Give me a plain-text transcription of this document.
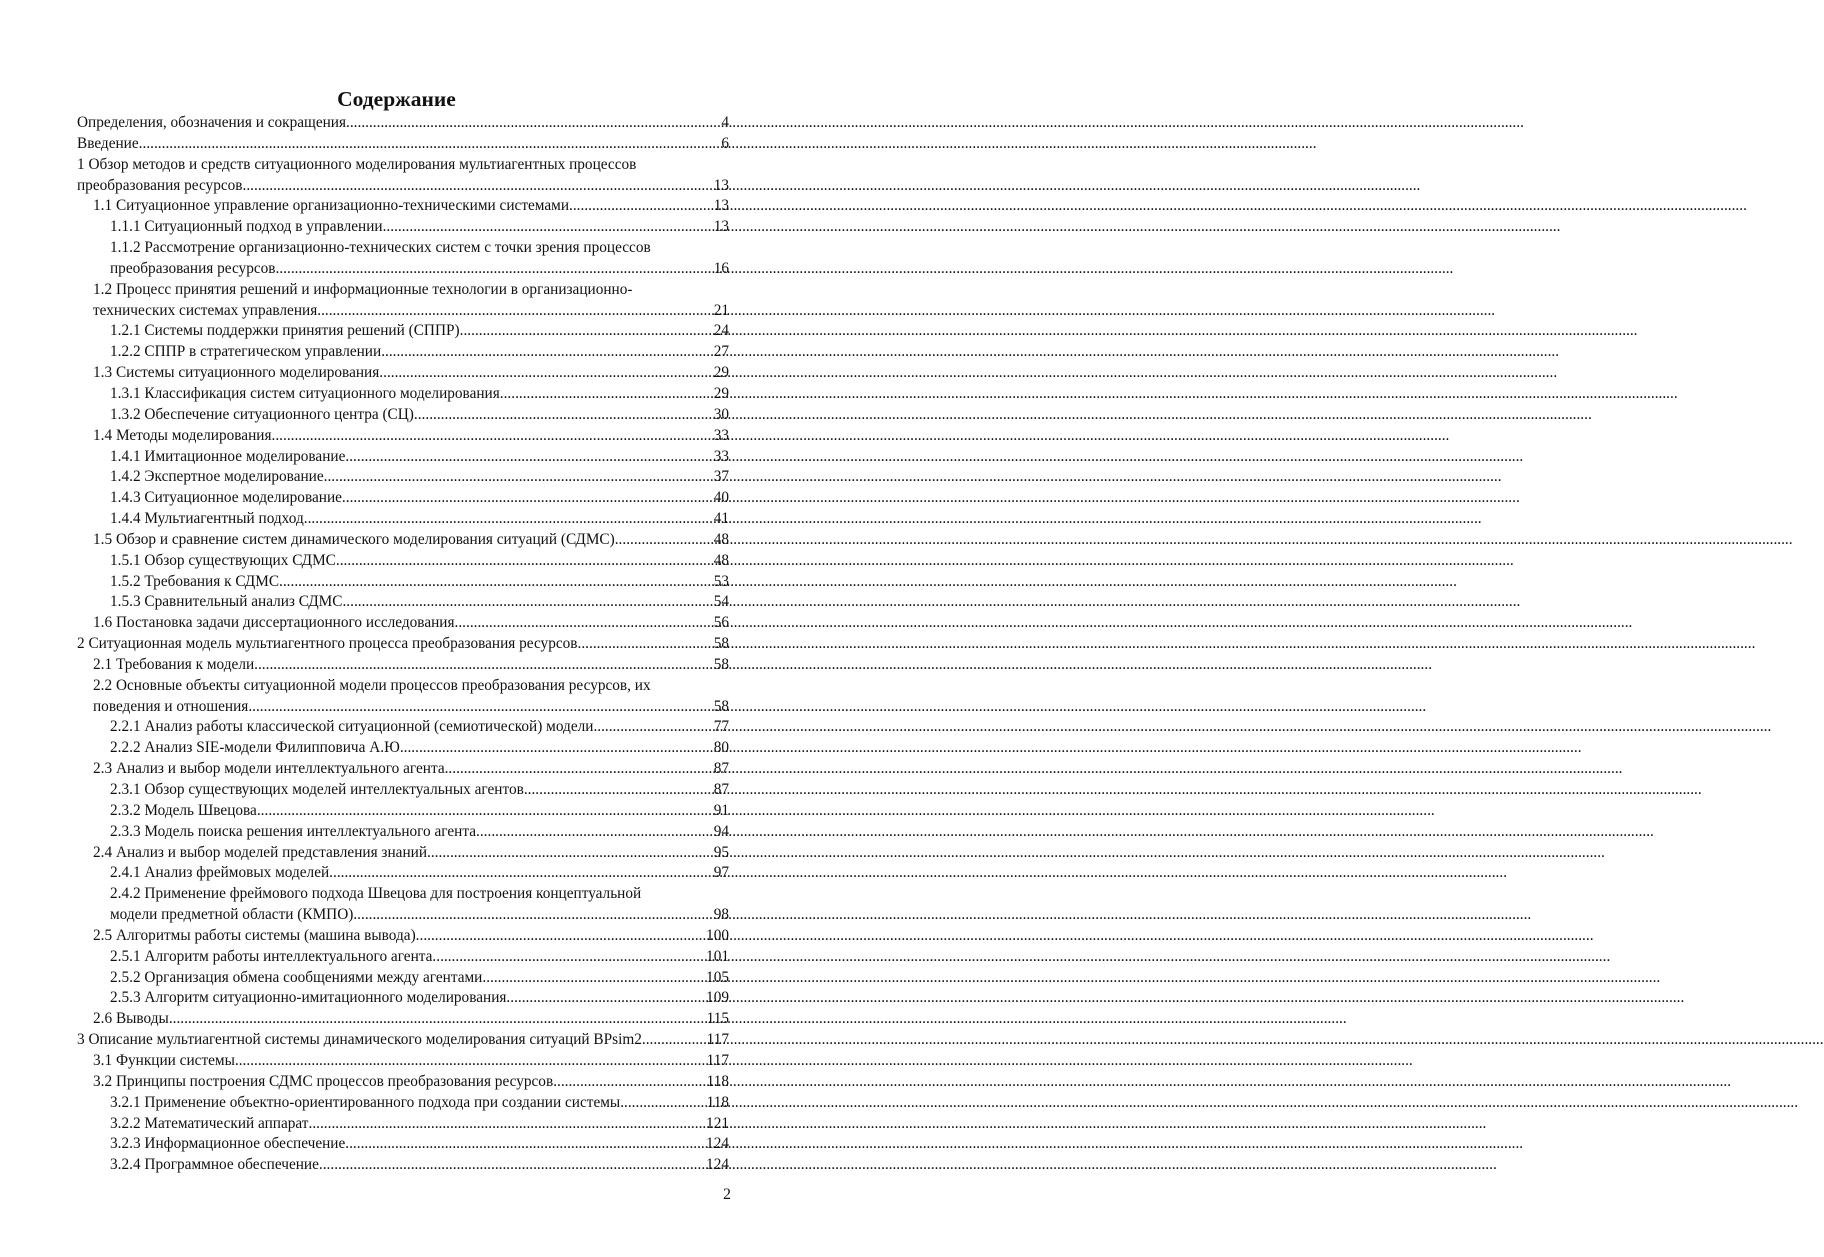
Содержание
Определения, обозначения и сокращения .....	4
Введение .....	6
1 Обзор методов и средств ситуационного моделирования мультиагентных процессов
преобразования ресурсов .....	13
1.1 Ситуационное управление организационно-техническими системами .....	13
1.1.1 Ситуационный подход в управлении .....	13
1.1.2 Рассмотрение организационно-технических систем с точки зрения процессов
преобразования ресурсов .....	16
1.2 Процесс принятия решений и информационные технологии в организационно-
технических системах управления .....	21
1.2.1 Системы поддержки принятия решений (СППР) .....	24
1.2.2 СППР в стратегическом управлении .....	27
1.3 Системы ситуационного моделирования .....	29
1.3.1 Классификация систем ситуационного моделирования .....	29
1.3.2 Обеспечение ситуационного центра (СЦ) .....	30
1.4 Методы моделирования .....	33
1.4.1 Имитационное моделирование .....	33
1.4.2 Экспертное моделирование .....	37
1.4.3 Ситуационное моделирование .....	40
1.4.4 Мультиагентный подход .....	41
1.5 Обзор и сравнение систем динамического моделирования ситуаций (СДМС) .....	48
1.5.1 Обзор существующих СДМС .....	48
1.5.2 Требования к СДМС .....	53
1.5.3 Сравнительный анализ СДМС .....	54
1.6 Постановка задачи диссертационного исследования .....	56
2 Ситуационная модель мультиагентного процесса преобразования ресурсов .....	58
2.1 Требования к модели .....	58
2.2 Основные объекты ситуационной модели процессов преобразования ресурсов, их
поведения и отношения .....	58
2.2.1 Анализ работы классической ситуационной (семиотической) модели .....	77
2.2.2 Анализ SIE-модели Филипповича А.Ю. .....	80
2.3 Анализ и выбор модели интеллектуального агента .....	87
2.3.1 Обзор существующих моделей интеллектуальных агентов .....	87
2.3.2 Модель Швецова .....	91
2.3.3 Модель поиска решения интеллектуального агента .....	94
2.4 Анализ и выбор моделей представления знаний .....	95
2.4.1 Анализ фреймовых моделей .....	97
2.4.2 Применение фреймового подхода Швецова для построения концептуальной
модели предметной области (КМПО) .....	98
2.5 Алгоритмы работы системы (машина вывода) .....	100
2.5.1 Алгоритм работы интеллектуального агента .....	101
2.5.2 Организация обмена сообщениями между агентами .....	105
2.5.3 Алгоритм ситуационно-имитационного моделирования .....	109
2.6 Выводы .....	115
3 Описание мультиагентной системы динамического моделирования ситуаций BPsim2. .....	117
3.1 Функции системы .....	117
3.2 Принципы построения СДМС процессов преобразования ресурсов .....	118
3.2.1 Применение объектно-ориентированного подхода при создании системы .....	118
3.2.2 Математический аппарат .....	121
3.2.3 Информационное обеспечение .....	124
3.2.4 Программное обеспечение .....	124
2
